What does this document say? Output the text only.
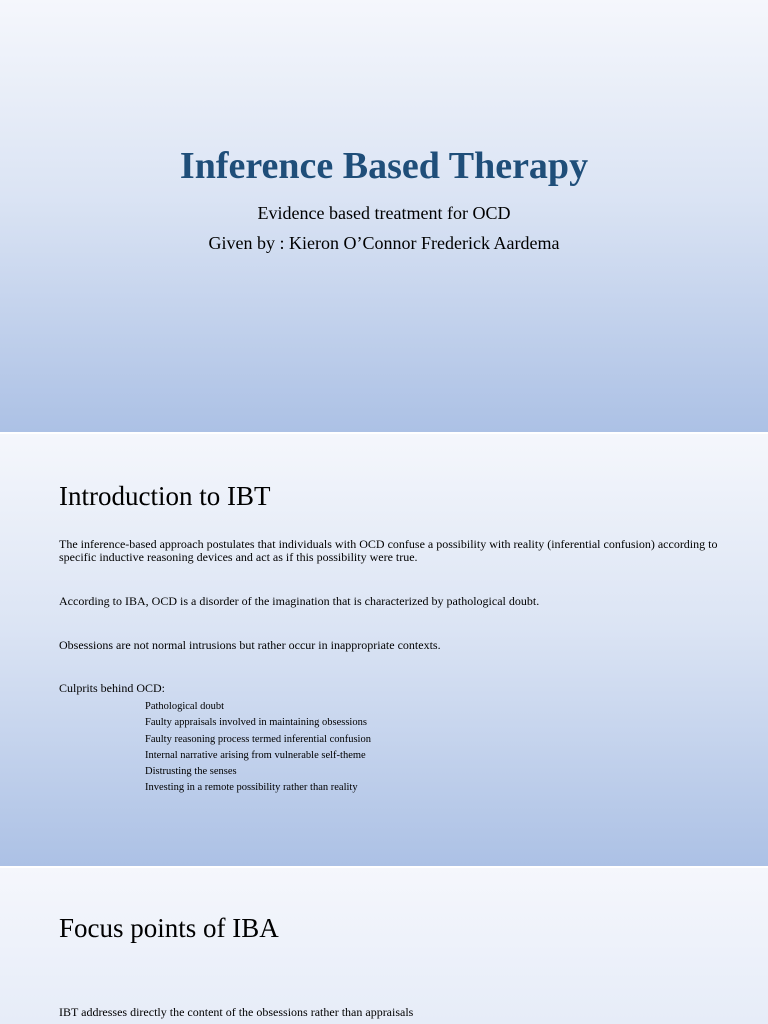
Inference Based Therapy
Evidence based treatment for OCD
Given by : Kieron O’Connor Frederick Aardema
Introduction to IBT
The inference-based approach postulates that individuals with OCD confuse a possibility with reality (inferential confusion) according to specific inductive reasoning devices and act as if this possibility were true.
According to IBA, OCD is a disorder of the imagination that is characterized by pathological doubt.
Obsessions are not normal intrusions but rather occur in inappropriate contexts.
Culprits behind OCD:
Pathological doubt
Faulty appraisals involved in maintaining obsessions
Faulty reasoning process termed inferential confusion
Internal narrative arising from vulnerable self-theme
Distrusting the senses
Investing in a remote possibility rather than reality
Focus points of IBA
IBT addresses directly the content of the obsessions rather than appraisals
